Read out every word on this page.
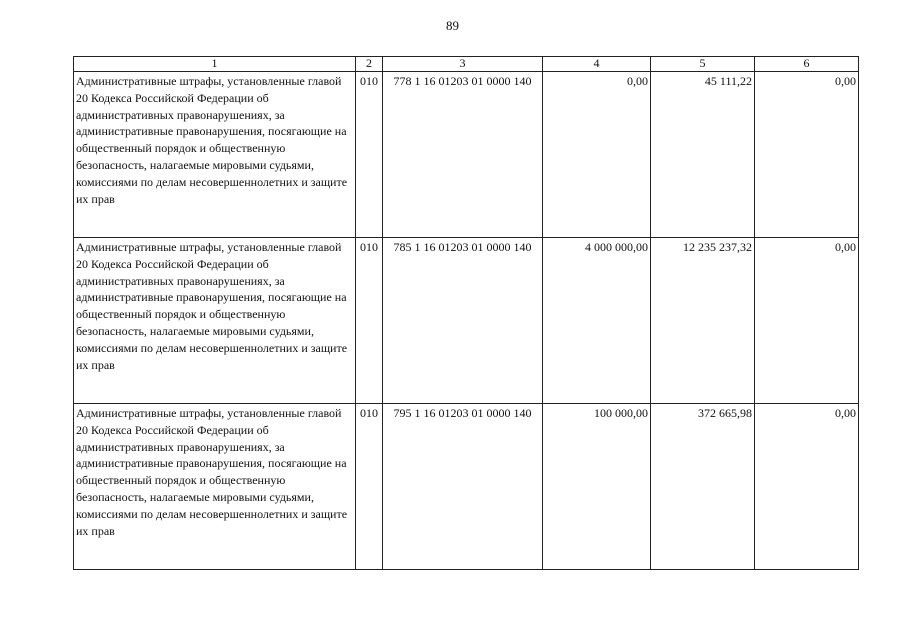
89
1	2	3	4	5	6
Административные штрафы, установленные главой 20 Кодекса Российской Федерации об административных правонарушениях, за административные правонарушения, посягающие на общественный порядок и общественную безопасность, налагаемые мировыми судьями, комиссиями по делам несовершеннолетних и защите их прав	010	778 1 16 01203 01 0000 140	0,00	45 111,22	0,00
Административные штрафы, установленные главой 20 Кодекса Российской Федерации об административных правонарушениях, за административные правонарушения, посягающие на общественный порядок и общественную безопасность, налагаемые мировыми судьями, комиссиями по делам несовершеннолетних и защите их прав	010	785 1 16 01203 01 0000 140	4 000 000,00	12 235 237,32	0,00
Административные штрафы, установленные главой 20 Кодекса Российской Федерации об административных правонарушениях, за административные правонарушения, посягающие на общественный порядок и общественную безопасность, налагаемые мировыми судьями, комиссиями по делам несовершеннолетних и защите их прав	010	795 1 16 01203 01 0000 140	100 000,00	372 665,98	0,00
